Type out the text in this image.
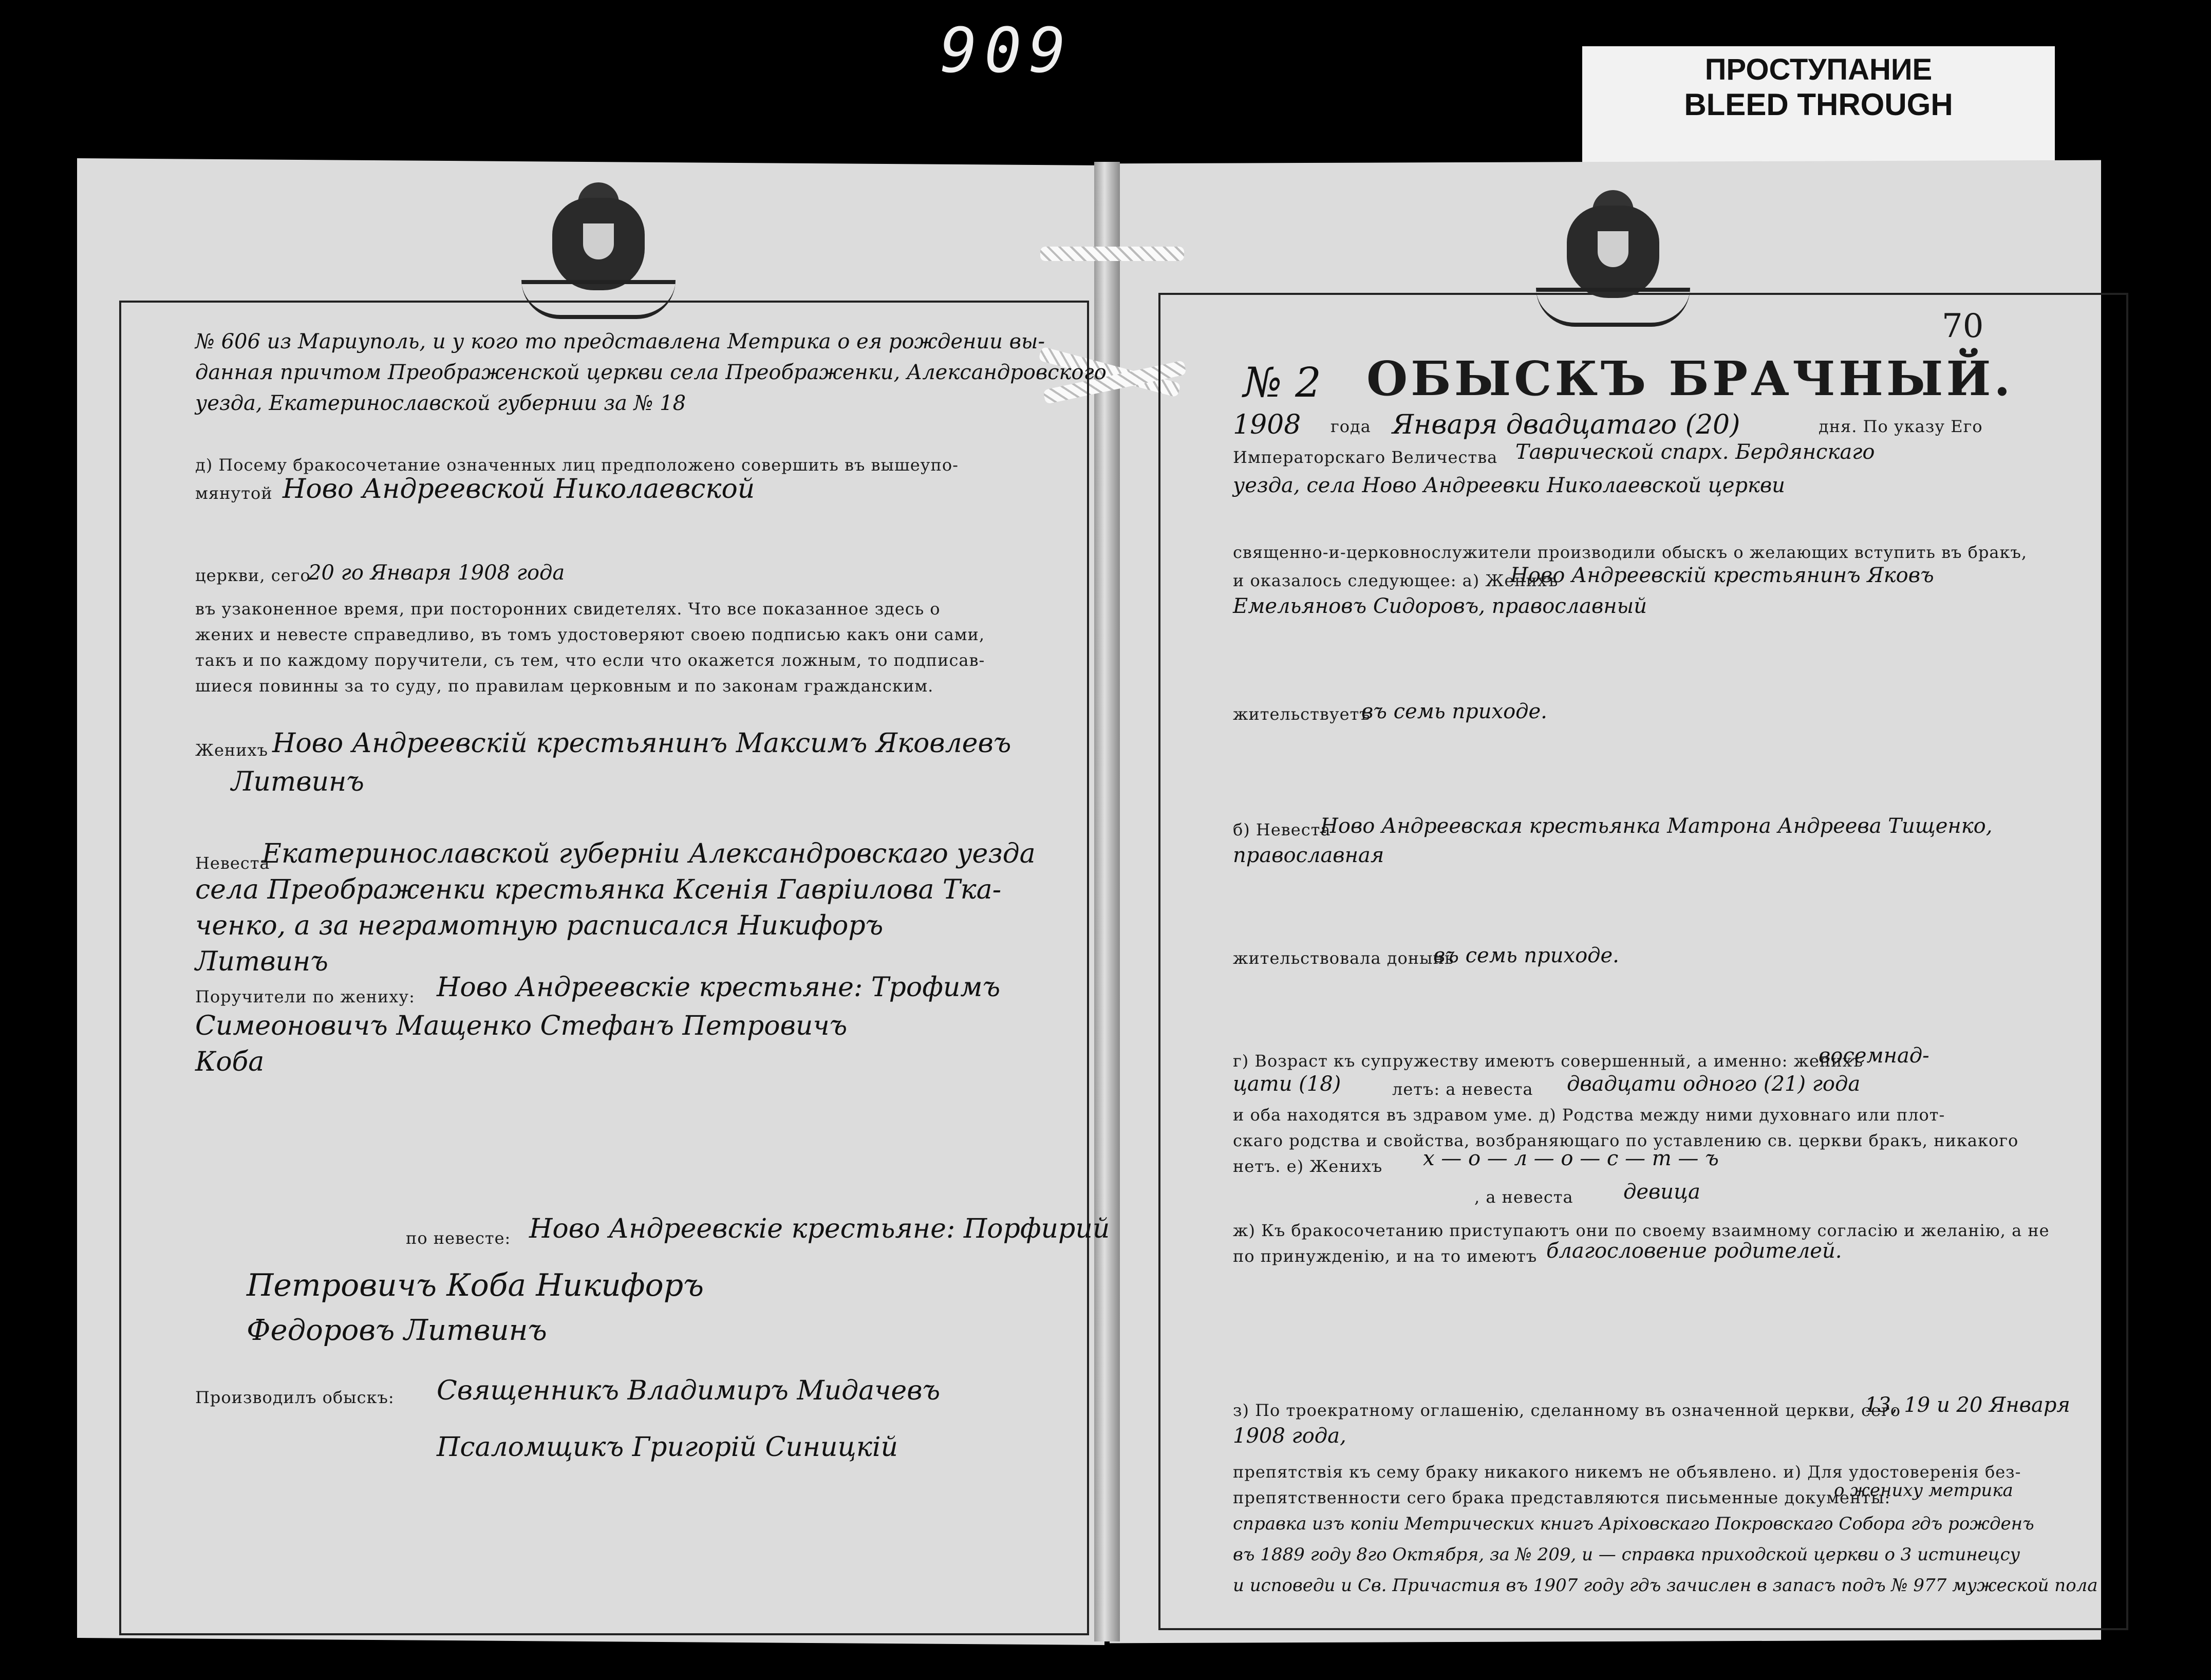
909	ПРОСТУПАНИЕ
BLEED THROUGH
№ 606 из Мариуполь, и у кого то представлена Метрика о ея рождении вы-
данная причтом Преображенской церкви села Преображенки, Александровского
уезда, Екатеринославской губернии за № 18
д) Посему бракосочетание означенных лиц предположено совершить въ вышеупо-
мянутой Ново Андреевской Николаевской
церкви, сего
20 го Января 1908 года
въ узаконенное время, при посторонних свидетелях. Что все показанное здесь о
жених и невесте справедливо, въ томъ удостоверяют своею подписью какъ они сами,
такъ и по каждому поручители, съ тем, что если что окажется ложным, то подписав-
шиеся повинны за то суду, по правилам церковным и по законам гражданским.
Женихъ Ново Андреевскiй крестьянинъ Максимъ Яковлевъ
Литвинъ
Невеста
Екатеринославской губернiи Александровскаго уезда
села Преображенки крестьянка Ксенiя Гаврiилова Тка-
ченко, а за неграмотную расписался Никифоръ
Литвинъ
Поручители по жениху: Ново Андреевскiе крестьяне: Трофимъ
Симеоновичъ Мащенко Стефанъ Петровичъ
Коба
по невесте: Ново Андреевскiе крестьяне: Порфирий
Петровичъ Коба Никифоръ
Федоровъ Литвинъ
Производилъ обыскъ: Священникъ Владимиръ Мидачевъ
Псаломщикъ Григорiй Синицкiй
70
№ 2 ОБЫСКЪ БРАЧНЫЙ.
1908 года Января двадцатаго (20)	дня. По указу Его
Императорскаго Величества Таврической спарх. Бердянскаго
уезда, села Ново Андреевки Николаевской церкви
священно-и-церковнослужители производили обыскъ о желающих вступить въ бракъ,
и оказалось следующее: а) Женихъ
Ново Андреевскiй крестьянинъ Яковъ
Емельяновъ Сидоровъ, православный
жительствуетъ
въ семь приходе.
б) Невеста
Ново Андреевская крестьянка Матрона Андреева Тищенко,
православная
жительствовала донынь
въ семь приходе.
г) Возраст къ супружеству имеютъ совершенный, а именно: женихъ
восемнад-
цати (18)	летъ: а невеста двадцати одного (21) года
и оба находятся въ здравом уме. д) Родства между ними духовнаго или плот-
скаго родства и свойства, возбраняющаго по уставлению св. церкви бракъ, никакого
нетъ. е) Женихъ х — о — л — о — с — т — ъ
, а невеста девица
ж) Къ бракосочетанию приступаютъ они по своему взаимному согласiю и желанiю, а не
по принужденiю, и на то имеютъ благословение родителей.
з) По троекратному оглашенiю, сделанному въ означенной церкви, сего
13, 19 и 20 Января
1908 года,
препятствiя къ сему браку никакого никемъ не объявлено. и) Для удостоверенiя без-
препятственности сего брака представляются письменные документы:
о жениху метрика
справка изъ копiи Метрических книгъ Арiховскаго Покровскаго Собора гдъ рожденъ
въ 1889 году 8го Октября, за № 209, и — справка приходской церкви о 3 истинецсу
и исповеди и Св. Причастия въ 1907 году гдъ зачислен в запасъ подъ № 977 мужеской пола
